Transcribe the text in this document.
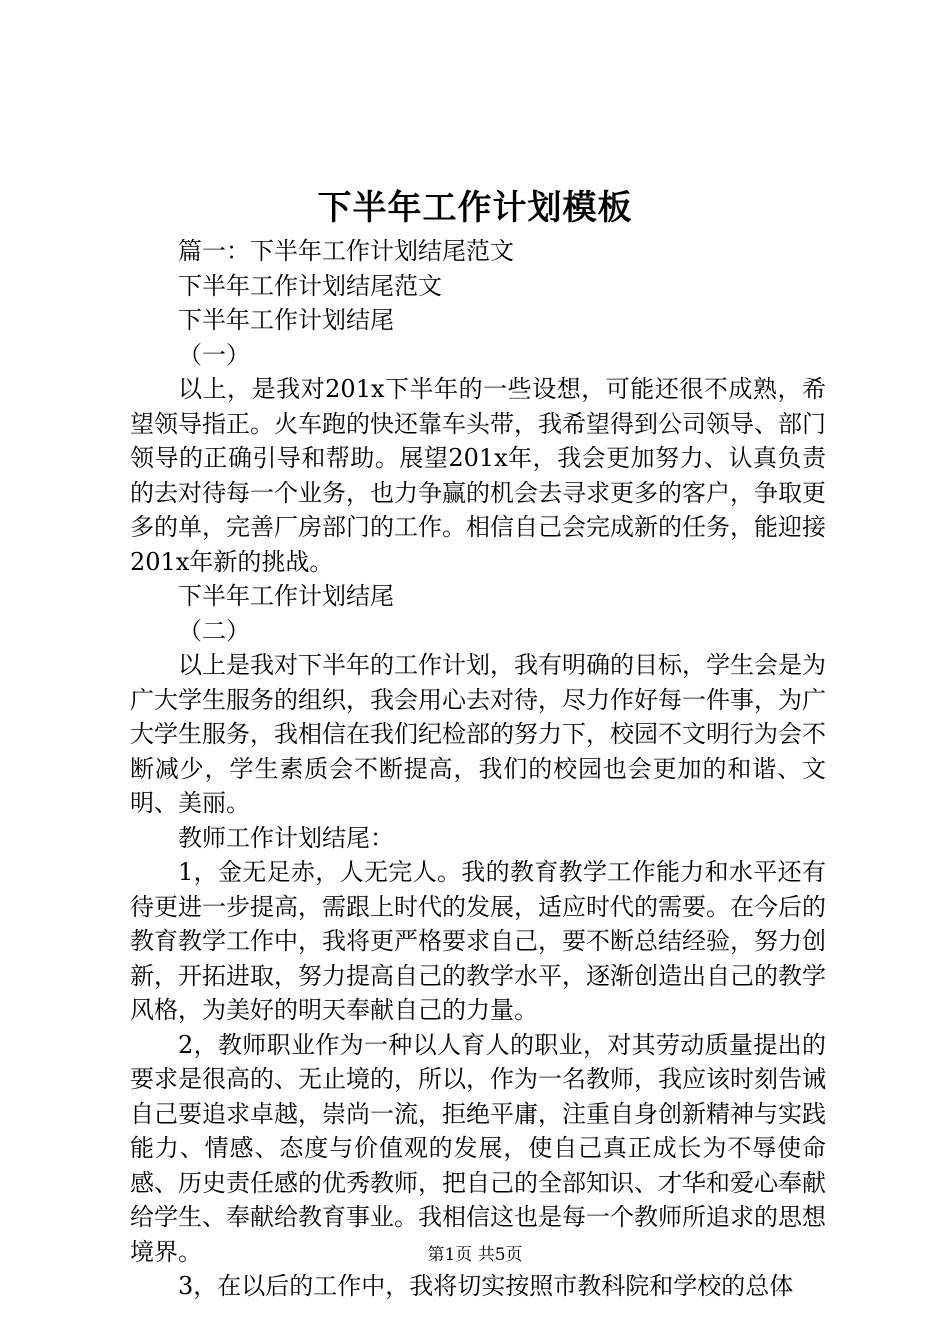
下半年工作计划模板

篇一：下半年工作计划结尾范文

下半年工作计划结尾范文

下半年工作计划结尾

（一）

以上，是我对201x下半年的一些设想，可能还很不成熟，希望领导指正。火车跑的快还靠车头带，我希望得到公司领导、部门领导的正确引导和帮助。展望201x年，我会更加努力、认真负责的去对待每一个业务，也力争赢的机会去寻求更多的客户，争取更多的单，完善厂房部门的工作。相信自己会完成新的任务，能迎接201x年新的挑战。

下半年工作计划结尾

（二）

以上是我对下半年的工作计划，我有明确的目标，学生会是为广大学生服务的组织，我会用心去对待，尽力作好每一件事，为广大学生服务，我相信在我们纪检部的努力下，校园不文明行为会不断减少，学生素质会不断提高，我们的校园也会更加的和谐、文明、美丽。

教师工作计划结尾：

1，金无足赤，人无完人。我的教育教学工作能力和水平还有待更进一步提高，需跟上时代的发展，适应时代的需要。在今后的教育教学工作中，我将更严格要求自己，要不断总结经验，努力创新，开拓进取，努力提高自己的教学水平，逐渐创造出自己的教学风格，为美好的明天奉献自己的力量。

2，教师职业作为一种以人育人的职业，对其劳动质量提出的要求是很高的、无止境的，所以，作为一名教师，我应该时刻告诫自己要追求卓越，崇尚一流，拒绝平庸，注重自身创新精神与实践能力、情感、态度与价值观的发展，使自己真正成长为不辱使命感、历史责任感的优秀教师，把自己的全部知识、才华和爱心奉献给学生、奉献给教育事业。我相信这也是每一个教师所追求的思想境界。

3，在以后的工作中，我将切实按照市教科院和学校的总体

第1页 共5页
